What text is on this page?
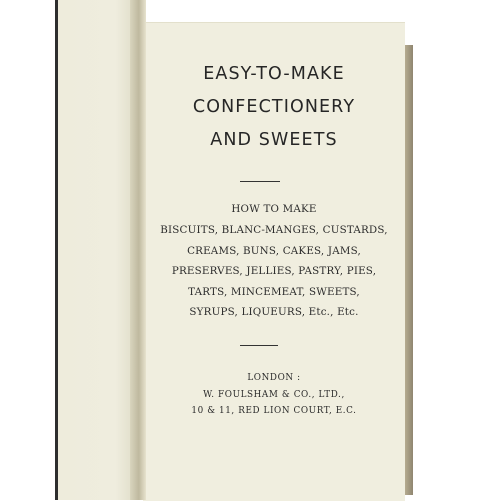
EASY-TO-MAKE
CONFECTIONERY
AND SWEETS
HOW TO MAKE
BISCUITS, BLANC-MANGES, CUSTARDS,
CREAMS, BUNS, CAKES, JAMS,
PRESERVES, JELLIES, PASTRY, PIES,
TARTS, MINCEMEAT, SWEETS,
SYRUPS, LIQUEURS, Etc., Etc.
LONDON :
W. FOULSHAM & CO., LTD.,
10 & 11, RED LION COURT, E.C.
